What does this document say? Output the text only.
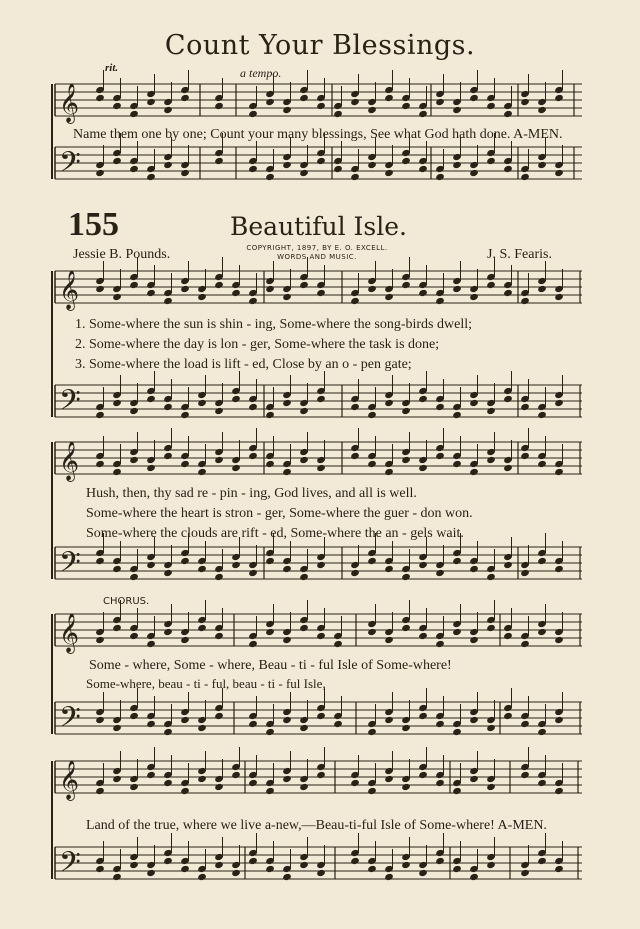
Count Your Blessings.
rit.	a tempo.
Name them one by one; Count your many blessings, See what God hath done. A-MEN.
155	Beautiful Isle.
Jessie B. Pounds.	COPYRIGHT, 1897, BY E. O. EXCELL.
WORDS AND MUSIC.	J. S. Fearis.
1. Some-where the sun is shin - ing, Some-where the song-birds dwell;
2. Some-where the day is lon - ger, Some-where the task is done;
3. Some-where the load is lift - ed, Close by an o - pen gate;
Hush, then, thy sad re - pin - ing, God lives, and all is well.
Some-where the heart is stron - ger, Some-where the guer - don won.
Some-where the clouds are rift - ed, Some-where the an - gels wait.
CHORUS.
Some - where, Some - where, Beau - ti - ful Isle of Some-where!
Some-where, beau - ti - ful, beau - ti - ful Isle,
Land of the true, where we live a-new,—Beau-ti-ful Isle of Some-where! A-MEN.
𝄞
𝄢
𝄞
𝄢
𝄞
𝄢
𝄞
𝄢
𝄞
𝄢
